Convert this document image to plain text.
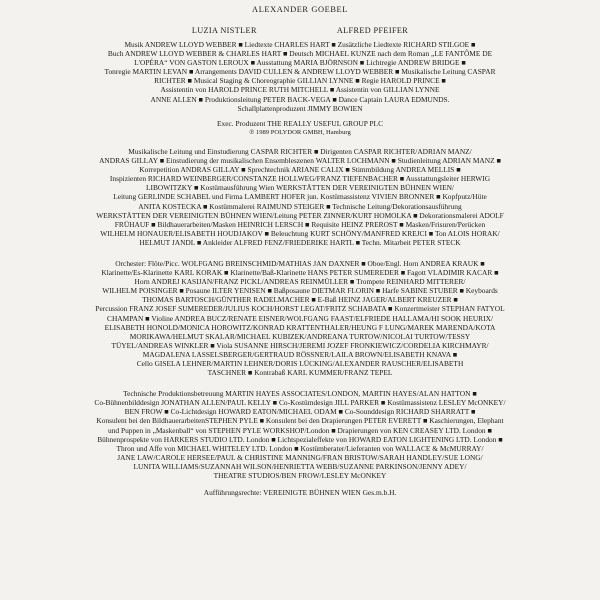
ALEXANDER GOEBEL
LUZIA NISTLER	ALFRED PFEIFER
Musik ANDREW LLOYD WEBBER ■ Liedtexte CHARLES HART ■ Zusätzliche Liedtexte RICHARD STILGOE ■
Buch ANDREW LLOYD WEBBER & CHARLES HART ■ Deutsch MICHAEL KUNZE nach dem Roman „LE FANTÔME DE
L'OPÉRA“ VON GASTON LEROUX ■ Ausstattung MARIA BJÖRNSON ■ Lichtregie ANDREW BRIDGE ■
Tonregie MARTIN LEVAN ■ Arrangements DAVID CULLEN & ANDREW LLOYD WEBBER ■ Musikalische Leitung CASPAR
RICHTER ■ Musical Staging & Choreographie GILLIAN LYNNE ■ Regie HAROLD PRINCE ■
Assistentin von HAROLD PRINCE RUTH MITCHELL ■ Assistentin von GILLIAN LYNNE
ANNE ALLEN ■ Produktionsleitung PETER BACK-VEGA ■ Dance Captain LAURA EDMUNDS.
Schallplattenproduzent JIMMY BOWIEN
Exec. Produzent THE REALLY USEFUL GROUP PLC
℗ 1989 POLYDOR GMBH, Hamburg
Musikalische Leitung und Einstudierung CASPAR RICHTER ■ Dirigenten CASPAR RICHTER/ADRIAN MANZ/
ANDRAS GILLAY ■ Einstudierung der musikalischen Ensembleszenen WALTER LOCHMANN ■ Studienleitung ADRIAN MANZ ■
Korrepetition ANDRAS GILLAY ■ Sprechtechnik ARIANE CALIX ■ Stimmbildung ANDREA MELLIS ■
Inspizienten RICHARD WEINBERGER/CONSTANZE HOLLWEG/FRANZ TIEFENBACHER ■ Ausstattungsleiter HERWIG
LIBOWITZKY ■ Kostümausführung Wien WERKSTÄTTEN DER VEREINIGTEN BÜHNEN WIEN/
Leitung GERLINDE SCHABEL und Firma LAMBERT HOFER jun. Kostümassistenz VIVIEN BRONNER ■ Kopfputz/Hüte
ANITA KOSTECKA ■ Kostümmalerei RAIMUND STEIGER ■ Technische Leitung/Dekorationsausführung
WERKSTÄTTEN DER VEREINIGTEN BÜHNEN WIEN/Leitung PETER ZINNER/KURT HOMOLKA ■ Dekorationsmalerei ADOLF
FRÜHAUF ■ Bildhauerarbeiten/Masken HEINRICH LERSCH ■ Requisite HEINZ PREROST ■ Masken/Frisuren/Perücken
WILHELM HONAUER/ELISABETH HOUDJAKOV ■ Beleuchtung KURT SCHÖNY/MANFRED KREJCI ■ Ton ALOIS HORAK/
HELMUT JANDL ■ Ankleider ALFRED FENZ/FRIEDERIKE HARTL ■ Techn. Mitarbeit PETER STECK
Orchester: Flöte/Picc. WOLFGANG BREINSCHMID/MATHIAS JAN DAXNER ■ Oboe/Engl. Horn ANDREA KRAUK ■
Klarinette/Es-Klarinette KARL KORAK ■ Klarinette/Baß-Klarinette HANS PETER SUMEREDER ■ Fagott VLADIMIR KACAR ■
Horn ANDREJ KASIJAN/FRANZ PICKL/ANDREAS REINMÜLLER ■ Trompete REINHARD MITTERER/
WILHELM POISINGER ■ Posaune ILTER YENISEN ■ Baßposaune DIETMAR FLORIN ■ Harfe SABINE STUBER ■ Keyboards
THOMAS BARTOSCH/GÜNTHER RADELMACHER ■ E-Baß HEINZ JAGER/ALBERT KREUZER ■
Percussion FRANZ JOSEF SUMEREDER/JULIUS KOCH/HORST LEGAT/FRITZ SCHABATA ■ Konzertmeister STEPHAN FATYOL
CHAMPAN ■ Violine ANDREA BUCZ/RENATE EISNER/WOLFGANG FAAST/ELFRIEDE HALLAMA/HI SOOK HEURIX/
ELISABETH HONOLD/MONICA HOROWITZ/KONRAD KRATTENTHALER/HEUNG F LUNG/MAREK MARENDA/KOTA
MORIKAWA/HELMUT SKALAR/MICHAEL KUBIZEK/ANDREANA TURTOW/NICOLAI TURTOW/TESSY
TÜYEL/ANDREAS WINKLER ■ Viola SUSANNE HIRSCH/JEREMI JOZEF FRONKIEWICZ/CORDELIA KIRCHMAYR/
MAGDALENA LASSELSBERGER/GERTRAUD RÖSSNER/LAILA BROWN/ELISABETH KNAVA ■
Cello GISELA LEHNER/MARTIN LEHNER/DORIS LÜCKING/ALEXANDER RAUSCHER/ELISABETH
TASCHNER ■ Kontrabaß KARL KUMMER/FRANZ TEPEL
Technische Produktionsbetreuung MARTIN HAYES ASSOCIATES/LONDON, MARTIN HAYES/ALAN HATTON ■
Co-Bühnenbilddesign JONATHAN ALLEN/PAUL KELLY ■ Co-Kostümdesign JILL PARKER ■ Kostümassistenz LESLEY McONKEY/
BEN FROW ■ Co-Lichtdesign HOWARD EATON/MICHAEL ODAM ■ Co-Sounddesign RICHARD SHARRATT ■
Konsulent bei den BildhauerarbeitenSTEPHEN PYLE ■ Konsulent bei den Drapierungen PETER EVERETT ■ Kaschierungen, Elephant
und Puppen in „Maskenball“ von STEPHEN PYLE WORKSHOP/London ■ Drapierungen von KEN CREASEY LTD. London ■
Bühnenprospekte von HARKERS STUDIO LTD. London ■ Lichtspezialeffekte von HOWARD EATON LIGHTENING LTD. London ■
Thron und Affe von MICHAEL WHITELEY LTD. London ■ Kostümberater/Lieferanten von WALLACE & McMURRAY/
JANE LAW/CAROLE HERSEE/PAUL & CHRISTINE MANNING/FRAN BRISTOW/SARAH HANDLEY/SUE LONG/
LUNITA WILLIAMS/SUZANNAH WILSON/HENRIETTA WEBB/SUZANNE PARKINSON/JENNY ADEY/
THEATRE STUDIOS/BEN FROW/LESLEY McONKEY
Aufführungsrechte: VEREINIGTE BÜHNEN WIEN Ges.m.b.H.
